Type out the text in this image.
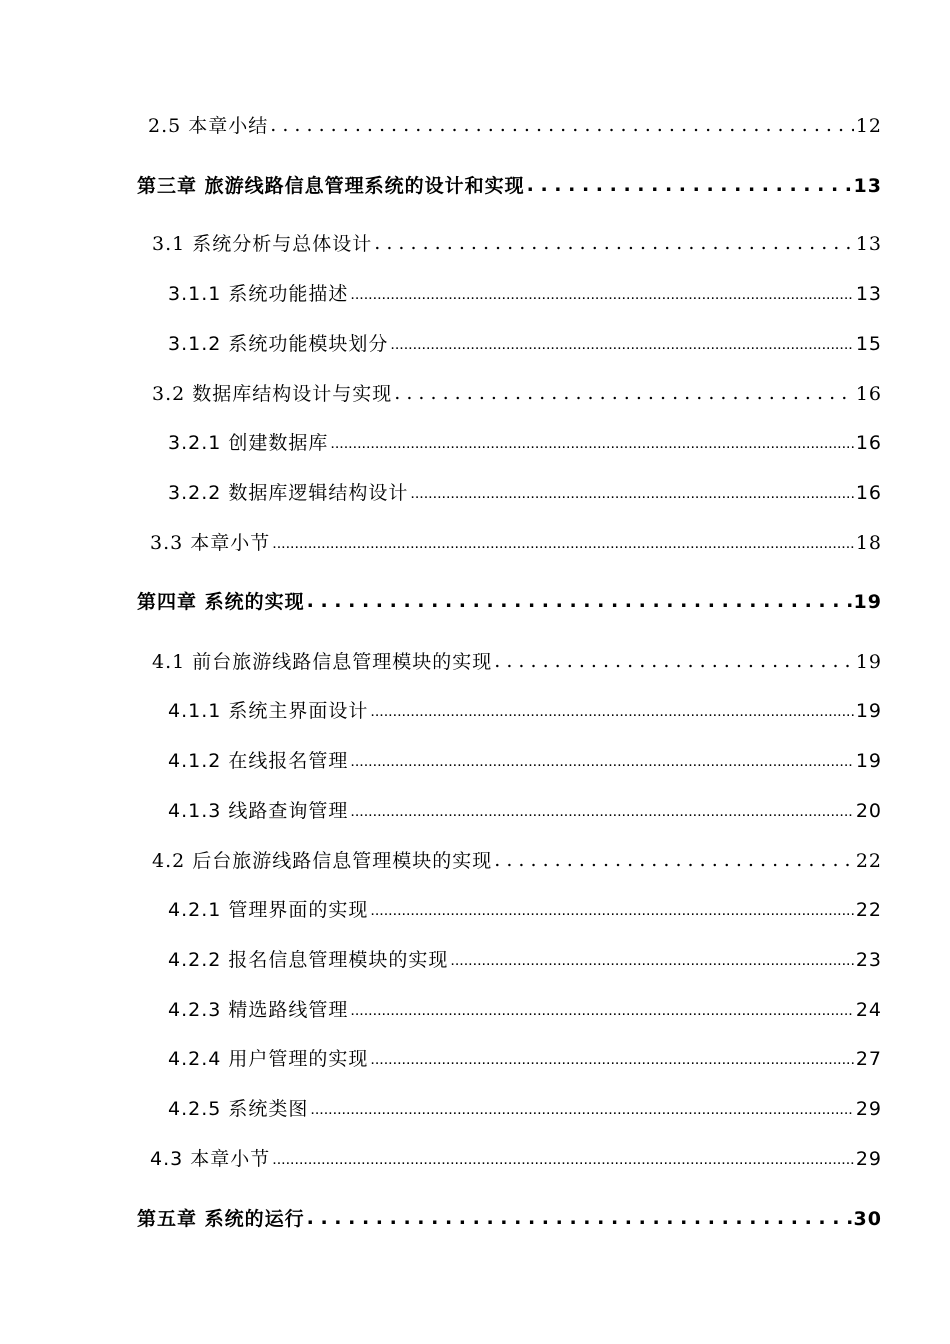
2.5 本章小结 . . .	12
第三章 旅游线路信息管理系统的设计和实现 . . .	13
3.1 系统分析与总体设计 . . .	13
3.1.1 系统功能描述 .....	13
3.1.2 系统功能模块划分 .....	15
3.2 数据库结构设计与实现 . . .	16
3.2.1 创建数据库 .....	16
3.2.2 数据库逻辑结构设计 .....	16
3.3 本章小节 .....	18
第四章 系统的实现 . . .	19
4.1 前台旅游线路信息管理模块的实现 . . .	19
4.1.1 系统主界面设计 .....	19
4.1.2 在线报名管理 .....	19
4.1.3 线路查询管理 .....	20
4.2 后台旅游线路信息管理模块的实现 . . .	22
4.2.1 管理界面的实现 .....	22
4.2.2 报名信息管理模块的实现 .....	23
4.2.3 精选路线管理 .....	24
4.2.4 用户管理的实现 .....	27
4.2.5 系统类图 .....	29
4.3 本章小节 .....	29
第五章 系统的运行 . . .	30
